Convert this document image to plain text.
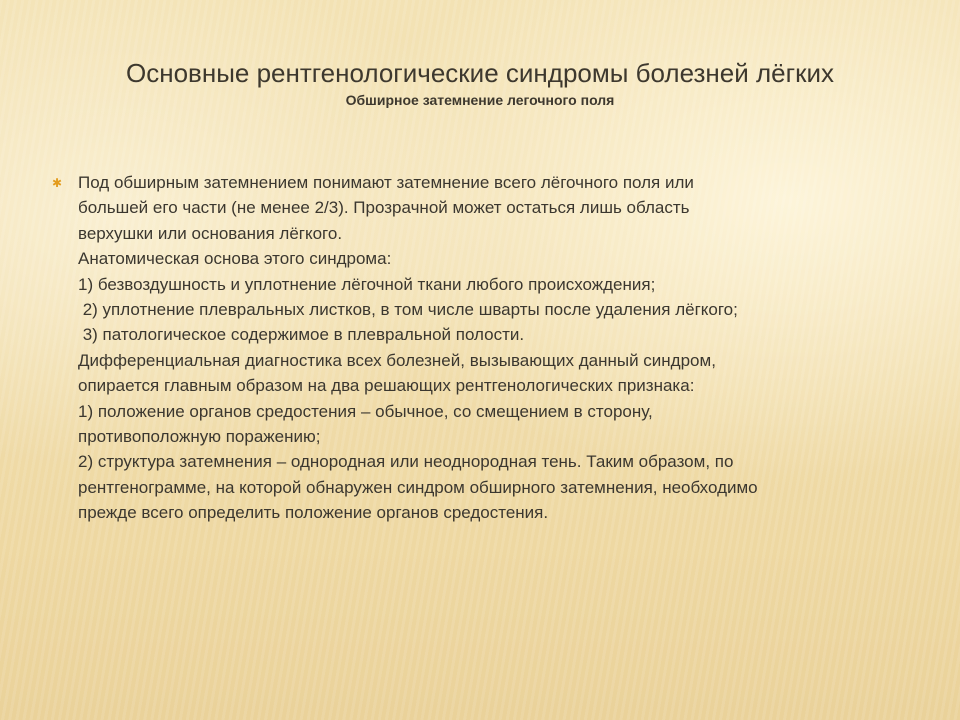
Основные рентгенологические синдромы болезней лёгких

Обширное затемнение легочного поля

✱ Под обширным затемнением понимают затемнение всего лёгочного поля или
большей его части (не менее 2/3). Прозрачной может остаться лишь область
верхушки или основания лёгкого.
Анатомическая основа этого синдрома:
1) безвоздушность и уплотнение лёгочной ткани любого происхождения;
2) уплотнение плевральных листков, в том числе шварты после удаления лёгкого;
3) патологическое содержимое в плевральной полости.
Дифференциальная диагностика всех болезней, вызывающих данный синдром,
опирается главным образом на два решающих рентгенологических признака:
1) положение органов средостения – обычное, со смещением в сторону,
противоположную поражению;
2) структура затемнения – однородная или неоднородная тень. Таким образом, по
рентгенограмме, на которой обнаружен синдром обширного затемнения, необходимо
прежде всего определить положение органов средостения.
